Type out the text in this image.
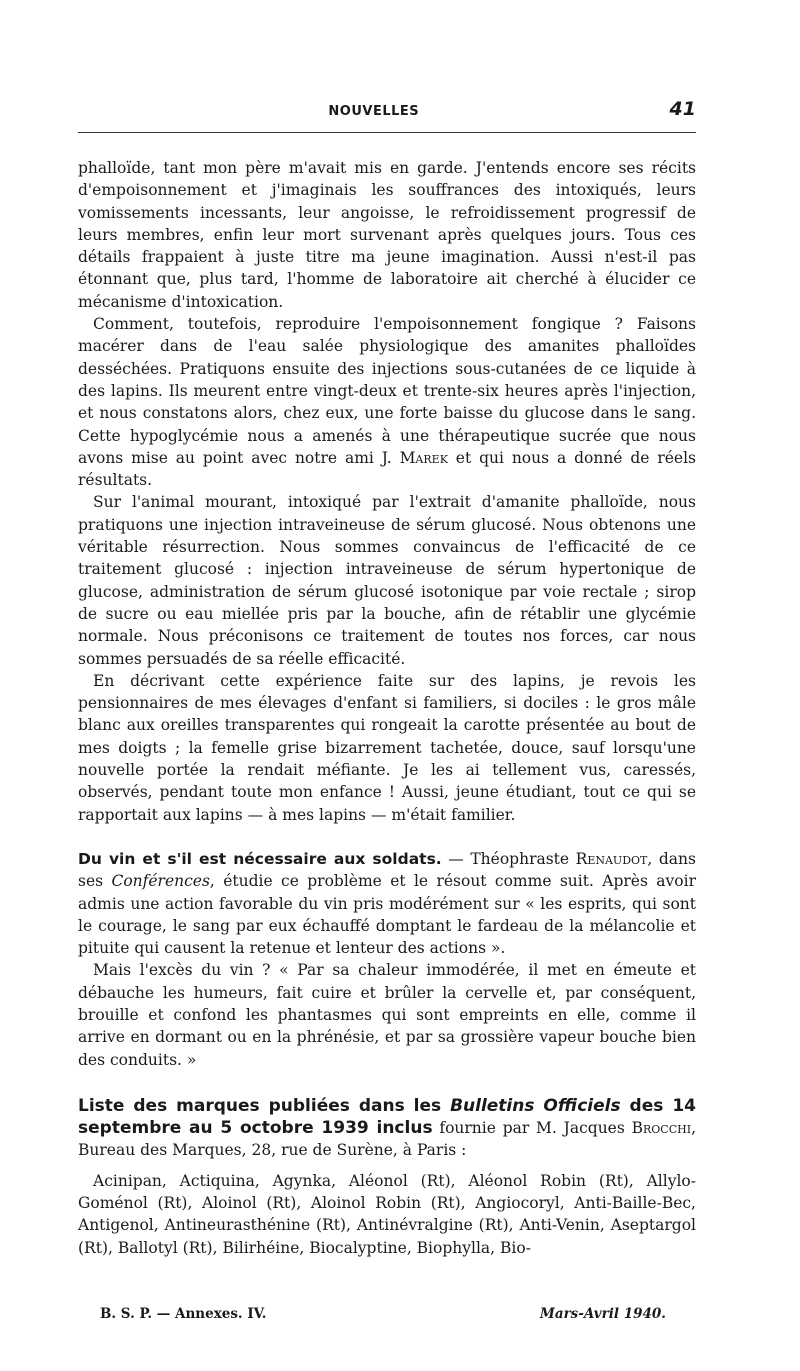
NOUVELLES	41

phalloïde, tant mon père m'avait mis en garde. J'entends encore ses récits d'empoisonnement et j'imaginais les souffrances des intoxiqués, leurs vomissements incessants, leur angoisse, le refroidissement progressif de leurs membres, enfin leur mort survenant après quelques jours. Tous ces détails frappaient à juste titre ma jeune imagination. Aussi n'est-il pas étonnant que, plus tard, l'homme de laboratoire ait cherché à élucider ce mécanisme d'intoxication.

Comment, toutefois, reproduire l'empoisonnement fongique ? Faisons macérer dans de l'eau salée physiologique des amanites phalloïdes desséchées. Pratiquons ensuite des injections sous-cutanées de ce liquide à des lapins. Ils meurent entre vingt-deux et trente-six heures après l'injection, et nous constatons alors, chez eux, une forte baisse du glucose dans le sang. Cette hypoglycémie nous a amenés à une thérapeutique sucrée que nous avons mise au point avec notre ami J. Marek et qui nous a donné de réels résultats.

Sur l'animal mourant, intoxiqué par l'extrait d'amanite phalloïde, nous pratiquons une injection intraveineuse de sérum glucosé. Nous obtenons une véritable résurrection. Nous sommes convaincus de l'efficacité de ce traitement glucosé : injection intraveineuse de sérum hypertonique de glucose, administration de sérum glucosé isotonique par voie rectale ; sirop de sucre ou eau miellée pris par la bouche, afin de rétablir une glycémie normale. Nous préconisons ce traitement de toutes nos forces, car nous sommes persuadés de sa réelle efficacité.

En décrivant cette expérience faite sur des lapins, je revois les pensionnaires de mes élevages d'enfant si familiers, si dociles : le gros mâle blanc aux oreilles transparentes qui rongeait la carotte présentée au bout de mes doigts ; la femelle grise bizarrement tachetée, douce, sauf lorsqu'une nouvelle portée la rendait méfiante. Je les ai tellement vus, caressés, observés, pendant toute mon enfance ! Aussi, jeune étudiant, tout ce qui se rapportait aux lapins — à mes lapins — m'était familier.

Du vin et s'il est nécessaire aux soldats. — Théophraste Renaudot, dans ses Conférences, étudie ce problème et le résout comme suit. Après avoir admis une action favorable du vin pris modérément sur « les esprits, qui sont le courage, le sang par eux échauffé domptant le fardeau de la mélancolie et pituite qui causent la retenue et lenteur des actions ».

Mais l'excès du vin ? « Par sa chaleur immodérée, il met en émeute et débauche les humeurs, fait cuire et brûler la cervelle et, par conséquent, brouille et confond les phantasmes qui sont empreints en elle, comme il arrive en dormant ou en la phrénésie, et par sa grossière vapeur bouche bien des conduits. »

Liste des marques publiées dans les Bulletins Officiels des 14 septembre au 5 octobre 1939 inclus fournie par M. Jacques Brocchi, Bureau des Marques, 28, rue de Surène, à Paris :

Acinipan, Actiquina, Agynka, Aléonol (Rt), Aléonol Robin (Rt), Allylo-Goménol (Rt), Aloinol (Rt), Aloinol Robin (Rt), Angiocoryl, Anti-Baille-Bec, Antigenol, Antineurasthénine (Rt), Antinévralgine (Rt), Anti-Venin, Aseptargol (Rt), Ballotyl (Rt), Bilirhéine, Biocalyptine, Biophylla, Bio-

B. S. P. — Annexes. IV.	Mars-Avril 1940.
